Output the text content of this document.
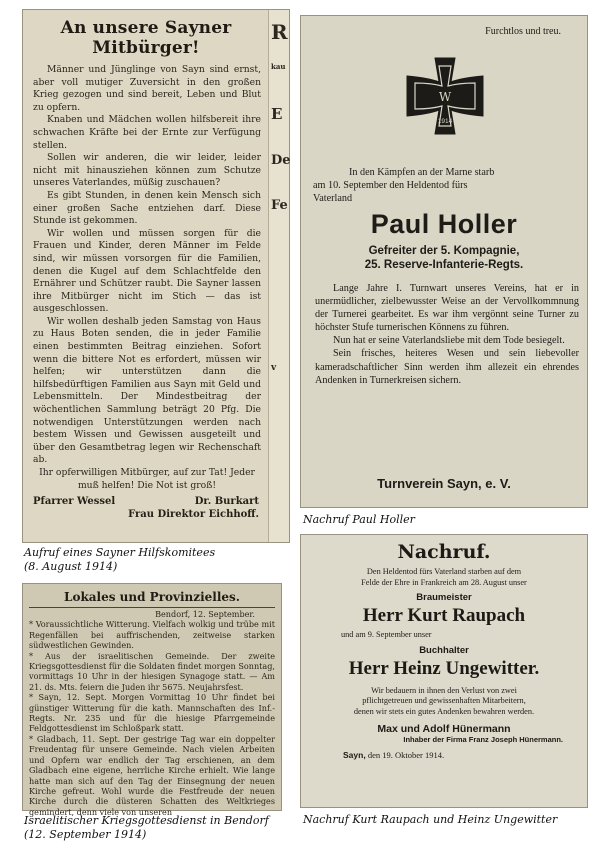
An unsere Sayner Mitbürger!

Männer und Jünglinge von Sayn sind ernst, aber voll mutiger Zuversicht in den großen Krieg gezogen und sind bereit, Leben und Blut zu opfern.

Knaben und Mädchen wollen hilfsbereit ihre schwachen Kräfte bei der Ernte zur Verfügung stellen.

Sollen wir anderen, die wir leider, leider nicht mit hinausziehen können zum Schutze unseres Vaterlandes, müßig zuschauen?

Es gibt Stunden, in denen kein Mensch sich einer großen Sache entziehen darf. Diese Stunde ist gekommen.

Wir wollen und müssen sorgen für die Frauen und Kinder, deren Männer im Felde sind, wir müssen vorsorgen für die Familien, denen die Kugel auf dem Schlachtfelde den Ernährer und Schützer raubt. Die Sayner lassen ihre Mitbürger nicht im Stich — das ist ausgeschlossen.

Wir wollen deshalb jeden Samstag von Haus zu Haus Boten senden, die in jeder Familie einen bestimmten Beitrag einziehen. Sofort wenn die bittere Not es erfordert, müssen wir helfen; wir unterstützen dann die hilfsbedürftigen Familien aus Sayn mit Geld und Lebensmitteln. Der Mindestbeitrag der wöchentlichen Sammlung beträgt 20 Pfg. Die notwendigen Unterstützungen werden nach bestem Wissen und Gewissen ausgeteilt und über den Gesamtbetrag legen wir Rechenschaft ab.

Ihr opferwilligen Mitbürger, auf zur Tat! Jeder muß helfen! Die Not ist groß!

Pfarrer Wessel	Dr. Burkart
Frau Direktor Eichhoff.
R
kau
E
De
Fe
v
Aufruf eines Sayner Hilfskomitees
(8. August 1914)
Furchtlos und treu.
W
1914

In den Kämpfen an der Marne starb

am 10. September den Heldentod fürs

Vaterland

Paul Holler
Gefreiter der 5. Kompagnie,
25. Reserve-Infanterie-Regts.

Lange Jahre I. Turnwart unseres Vereins, hat er in unermüdlicher, zielbewusster Weise an der Vervollkommnung der Turnerei gearbeitet. Es war ihm vergönnt seine Turner zu höchster Stufe turnerischen Könnens zu führen.

Nun hat er seine Vaterlandsliebe mit dem Tode besiegelt.

Sein frisches, heiteres Wesen und sein liebevoller kameradschaftlicher Sinn werden ihm allezeit ein ehrendes Andenken in Turnerkreisen sichern.

Turnverein Sayn, e. V.
Nachruf Paul Holler
Lokales und Provinzielles.

Bendorf, 12. September.

* Voraussichtliche Witterung. Vielfach wolkig und trübe mit Regenfällen bei auffrischenden, zeitweise starken südwestlichen Gewinden.

* Aus der israelitischen Gemeinde. Der zweite Kriegsgottesdienst für die Soldaten findet morgen Sonntag, vormittags 10 Uhr in der hiesigen Synagoge statt. — Am 21. ds. Mts. feiern die Juden ihr 5675. Neujahrsfest.

* Sayn, 12. Sept. Morgen Vormittag 10 Uhr findet bei günstiger Witterung für die kath. Mannschaften des Inf.-Regts. Nr. 235 und für die hiesige Pfarrgemeinde Feldgottesdienst im Schloßpark statt.

* Gladbach, 11. Sept. Der gestrige Tag war ein doppelter Freudentag für unsere Gemeinde. Nach vielen Arbeiten und Opfern war endlich der Tag erschienen, an dem Gladbach eine eigene, herrliche Kirche erhielt. Wie lange hatte man sich auf den Tag der Einsegnung der neuen Kirche gefreut. Wohl wurde die Festfreude der neuen Kirche durch die düsteren Schatten des Weltkrieges gemindert, denn viele von unseren

Israelitischer Kriegsgottesdienst in Bendorf
(12. September 1914)
Nachruf.
Den Heldentod fürs Vaterland starben auf dem
Felde der Ehre in Frankreich am 28. August unser
Braumeister
Herr Kurt Raupach
und am 9. September unser
Buchhalter
Herr Heinz Ungewitter.
Wir bedauern in ihnen den Verlust von zwei
pflichtgetreuen und gewissenhaften Mitarbeitern,
denen wir stets ein gutes Andenken bewahren werden.
Max und Adolf Hünermann
Inhaber der Firma Franz Joseph Hünermann.
Sayn, den 19. Oktober 1914.
Nachruf Kurt Raupach und Heinz Ungewitter
